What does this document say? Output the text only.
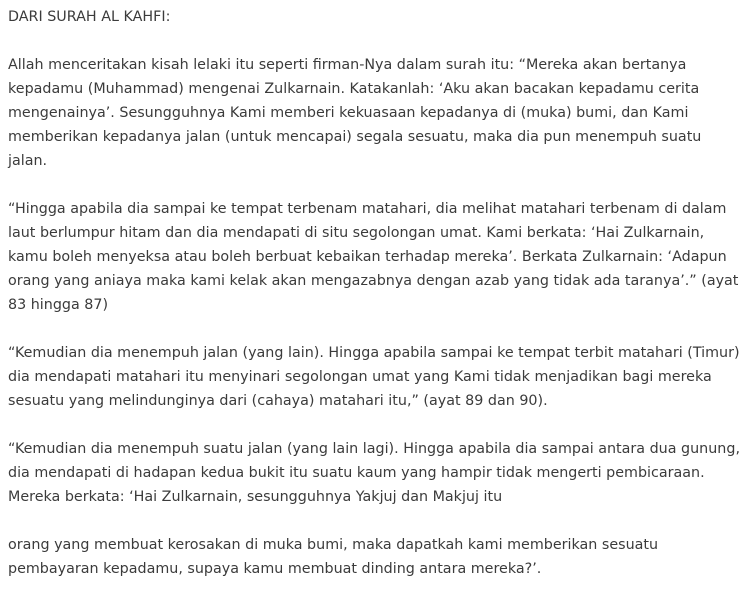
DARI SURAH AL KAHFI:

Allah menceritakan kisah lelaki itu seperti firman-Nya dalam surah itu: “Mereka akan bertanya kepadamu (Muhammad) mengenai Zulkarnain. Katakanlah: ‘Aku akan bacakan kepadamu cerita mengenainya’. Sesungguhnya Kami memberi kekuasaan kepadanya di (muka) bumi, dan Kami memberikan kepadanya jalan (untuk mencapai) segala sesuatu, maka dia pun menempuh suatu jalan.

“Hingga apabila dia sampai ke tempat terbenam matahari, dia melihat matahari terbenam di dalam laut berlumpur hitam dan dia mendapati di situ segolongan umat. Kami berkata: ‘Hai Zulkarnain, kamu boleh menyeksa atau boleh berbuat kebaikan terhadap mereka’. Berkata Zulkarnain: ‘Adapun orang yang aniaya maka kami kelak akan mengazabnya dengan azab yang tidak ada taranya’.” (ayat 83 hingga 87)

“Kemudian dia menempuh jalan (yang lain). Hingga apabila sampai ke tempat terbit matahari (Timur) dia mendapati matahari itu menyinari segolongan umat yang Kami tidak menjadikan bagi mereka sesuatu yang melindunginya dari (cahaya) matahari itu,” (ayat 89 dan 90).

“Kemudian dia menempuh suatu jalan (yang lain lagi). Hingga apabila dia sampai antara dua gunung, dia mendapati di hadapan kedua bukit itu suatu kaum yang hampir tidak mengerti pembicaraan. Mereka berkata: ‘Hai Zulkarnain, sesungguhnya Yakjuj dan Makjuj itu

orang yang membuat kerosakan di muka bumi, maka dapatkah kami memberikan sesuatu pembayaran kepadamu, supaya kamu membuat dinding antara mereka?’.
